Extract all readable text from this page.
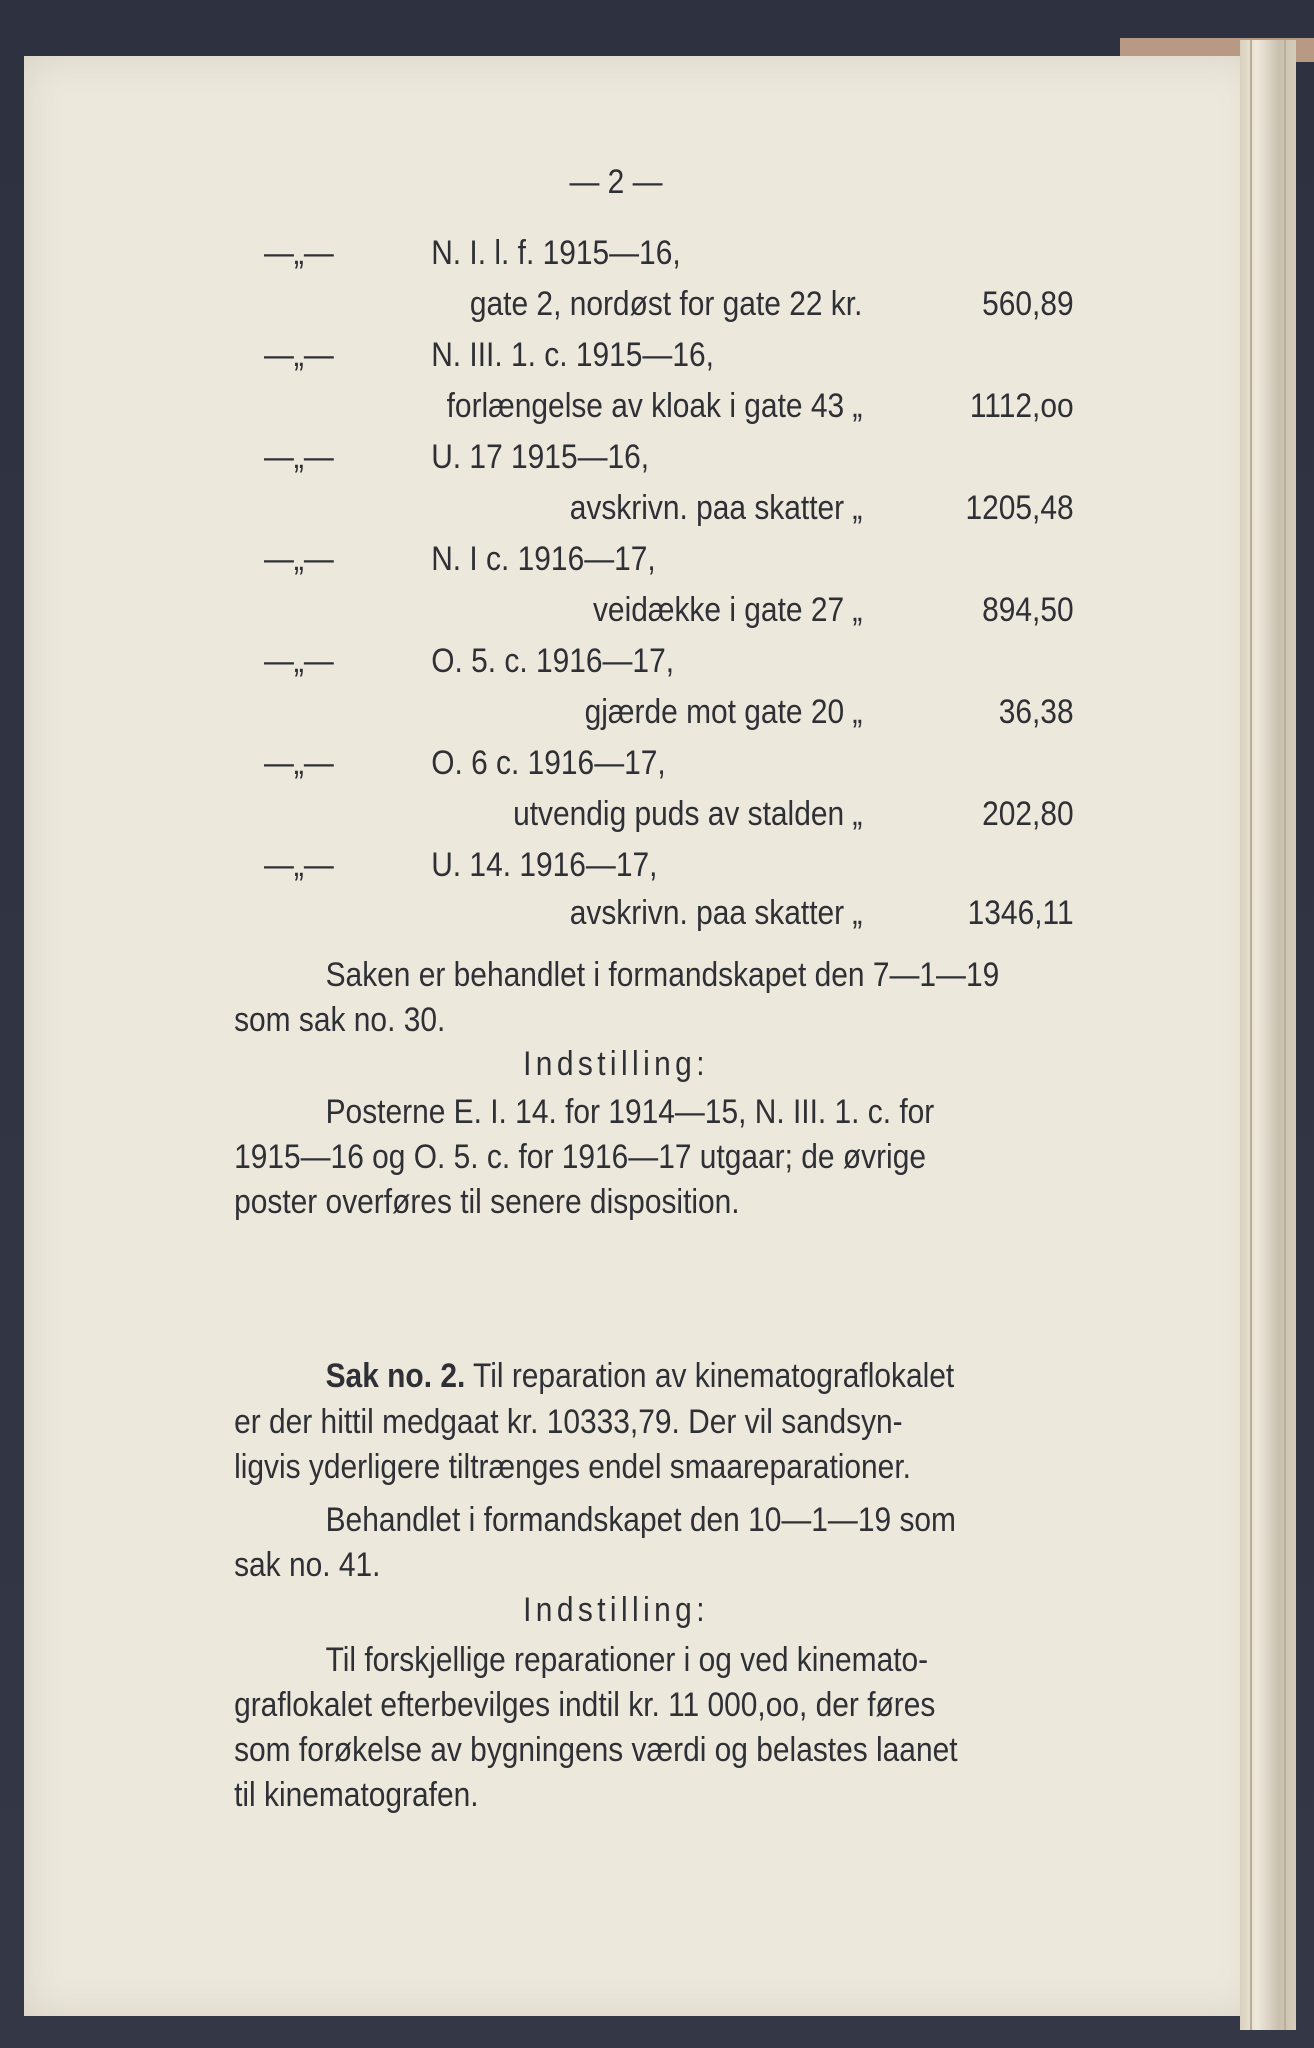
— 2 —
—„—	N. I. l. f. 1915—16,
gate 2, nordøst for gate 22 kr.	560,89
—„—	N. III. 1. c. 1915—16,
forlængelse av kloak i gate 43 „	1112,oo
—„—	U. 17 1915—16,
avskrivn. paa skatter „	1205,48
—„—	N. I c. 1916—17,
veidække i gate 27 „	894,50
—„—	O. 5. c. 1916—17,
gjærde mot gate 20 „	36,38
—„—	O. 6 c. 1916—17,
utvendig puds av stalden „	202,80
—„—	U. 14. 1916—17,
avskrivn. paa skatter „	1346,11
Saken er behandlet i formandskapet den 7—1—19
som sak no. 30.
Indstilling:
Posterne E. I. 14. for 1914—15, N. III. 1. c. for
1915—16 og O. 5. c. for 1916—17 utgaar; de øvrige
poster overføres til senere disposition.
Sak no. 2. Til reparation av kinematograflokalet
er der hittil medgaat kr. 10333,79. Der vil sandsyn-
ligvis yderligere tiltrænges endel smaareparationer.
Behandlet i formandskapet den 10—1—19 som
sak no. 41.
Indstilling:
Til forskjellige reparationer i og ved kinemato-
graflokalet efterbevilges indtil kr. 11 000,oo, der føres
som forøkelse av bygningens værdi og belastes laanet
til kinematografen.
